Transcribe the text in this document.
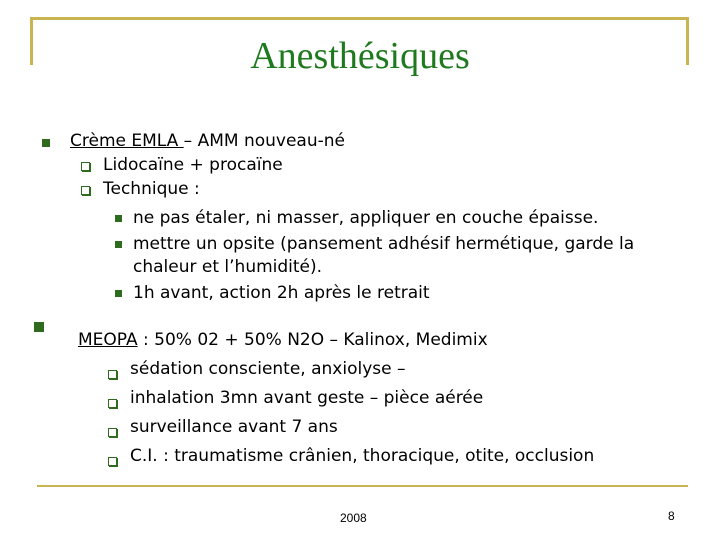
Anesthésiques
Crème EMLA – AMM nouveau-né
Lidocaïne + procaïne
Technique :
ne pas étaler, ni masser, appliquer en couche épaisse.
mettre un opsite (pansement adhésif hermétique, garde la
chaleur et l’humidité).
1h avant, action 2h après le retrait
MEOPA : 50% 02 + 50% N2O – Kalinox, Medimix
sédation consciente, anxiolyse –
inhalation 3mn avant geste – pièce aérée
surveillance avant 7 ans
C.I. : traumatisme crânien, thoracique, otite, occlusion
2008	8
